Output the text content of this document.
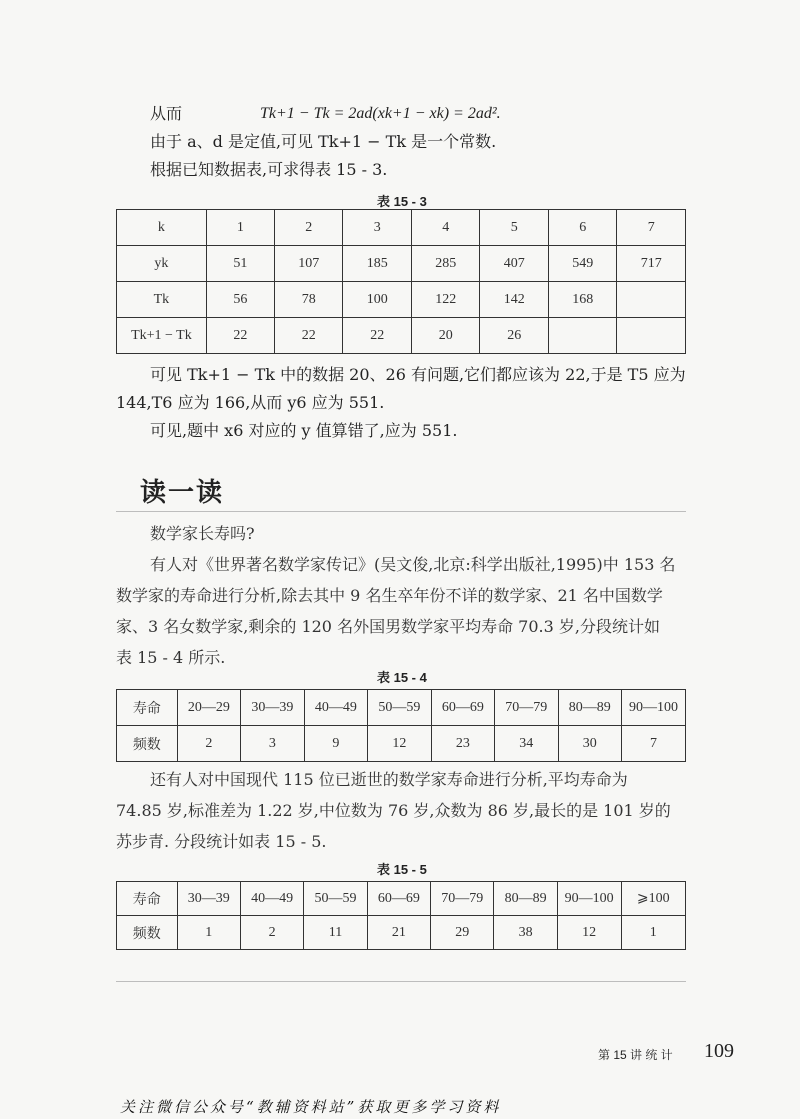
从而	Tk+1 − Tk = 2ad(xk+1 − xk) = 2ad².
由于 a、d 是定值,可见 Tk+1 − Tk 是一个常数.
根据已知数据表,可求得表 15 - 3.
表 15 - 3
k	1	2	3	4	5	6	7
yk	51	107	185	285	407	549	717
Tk	56	78	100	122	142	168	
Tk+1 − Tk	22	22	22	20	26		
可见 Tk+1 − Tk 中的数据 20、26 有问题,它们都应该为 22,于是 T5 应为
144,T6 应为 166,从而 y6 应为 551.
可见,题中 x6 对应的 y 值算错了,应为 551.
读一读

数学家长寿吗?

有人对《世界著名数学家传记》(吴文俊,北京:科学出版社,1995)中 153 名

数学家的寿命进行分析,除去其中 9 名生卒年份不详的数学家、21 名中国数学

家、3 名女数学家,剩余的 120 名外国男数学家平均寿命 70.3 岁,分段统计如

表 15 - 4 所示.

表 15 - 4
寿命	20—29	30—39	40—49	50—59	60—69	70—79	80—89	90—100
频数	2	3	9	12	23	34	30	7

还有人对中国现代 115 位已逝世的数学家寿命进行分析,平均寿命为

74.85 岁,标准差为 1.22 岁,中位数为 76 岁,众数为 86 岁,最长的是 101 岁的

苏步青. 分段统计如表 15 - 5.

表 15 - 5
寿命	30—39	40—49	50—59	60—69	70—79	80—89	90—100	⩾100
频数	1	2	11	21	29	38	12	1
第 15 讲 统 计 109
关注微信公众号“教辅资料站”获取更多学习资料
